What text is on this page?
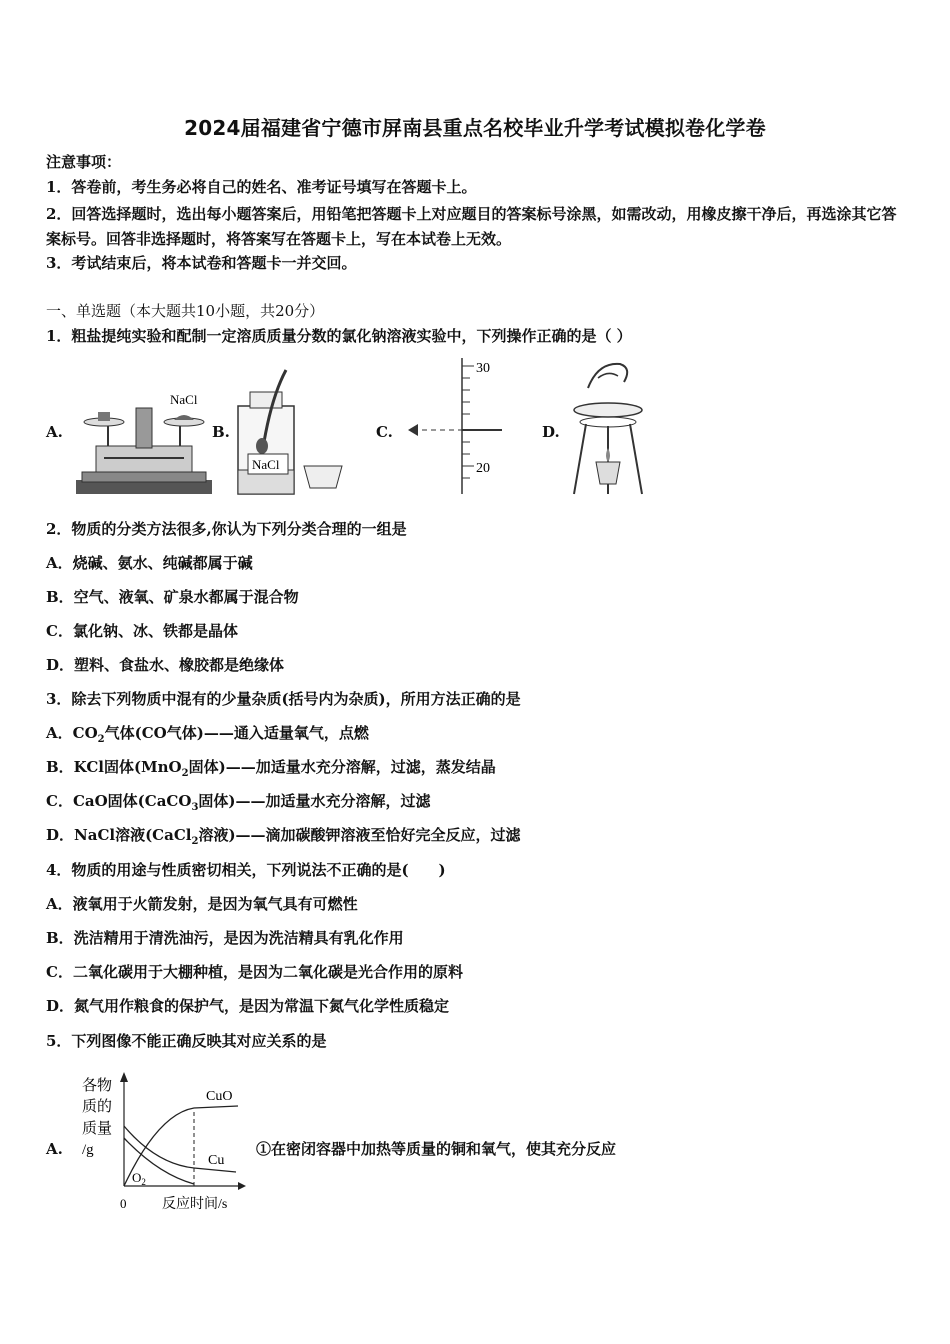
2024届福建省宁德市屏南县重点名校毕业升学考试模拟卷化学卷
注意事项：
1．答卷前，考生务必将自己的姓名、准考证号填写在答题卡上。
2．回答选择题时，选出每小题答案后，用铅笔把答题卡上对应题目的答案标号涂黑，如需改动，用橡皮擦干净后，再选涂其它答案标号。回答非选择题时，将答案写在答题卡上，写在本试卷上无效。
3．考试结束后，将本试卷和答题卡一并交回。
一、单选题（本大题共10小题，共20分）
1．粗盐提纯实验和配制一定溶质质量分数的氯化钠溶液实验中，下列操作正确的是（ ）
A.
NaCl
B.
NaCl
C.
30
20
D.
2．物质的分类方法很多,你认为下列分类合理的一组是
A．烧碱、氨水、纯碱都属于碱
B．空气、液氧、矿泉水都属于混合物
C．氯化钠、冰、铁都是晶体
D．塑料、食盐水、橡胶都是绝缘体
3．除去下列物质中混有的少量杂质(括号内为杂质)，所用方法正确的是
A．$CO_2$气体(CO气体)——通入适量氧气，点燃
B．KCl固体(MnO$_2$固体)——加适量水充分溶解，过滤，蒸发结晶
C．CaO固体(CaCO$_3$固体)——加适量水充分溶解，过滤
D．NaCl溶液(CaCl$_2$溶液)——滴加碳酸钾溶液至恰好完全反应，过滤
4．物质的用途与性质密切相关，下列说法不正确的是(　　)
A．液氧用于火箭发射，是因为氧气具有可燃性
B．洗洁精用于清洗油污，是因为洗洁精具有乳化作用
C．二氧化碳用于大棚种植，是因为二氧化碳是光合作用的原料
D．氮气用作粮食的保护气，是因为常温下氮气化学性质稳定
5．下列图像不能正确反映其对应关系的是
A.
各物
质的
质量
/g
CuO
Cu
$O_2$
0	反应时间/s
①在密闭容器中加热等质量的铜和氧气，使其充分反应
